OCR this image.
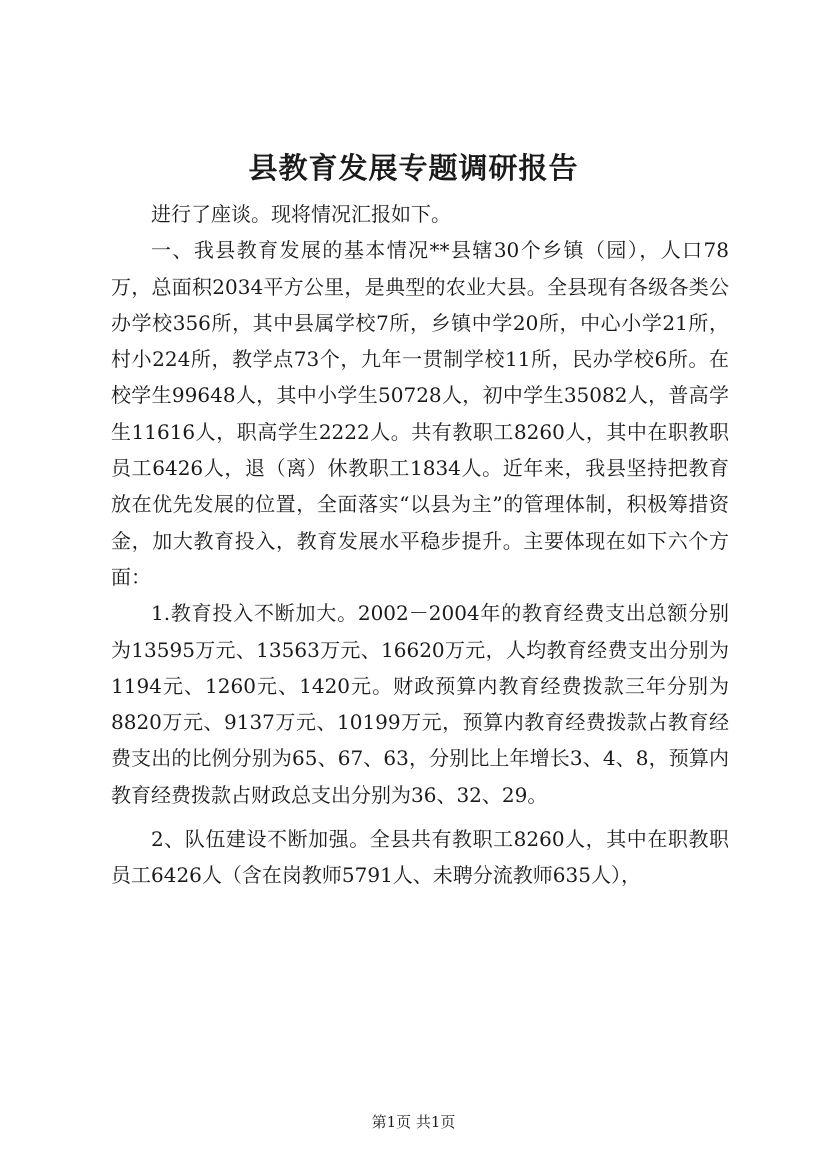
县教育发展专题调研报告

进行了座谈。现将情况汇报如下。

一、我县教育发展的基本情况**县辖30个乡镇（园），人口78万，总面积2034平方公里，是典型的农业大县。全县现有各级各类公办学校356所，其中县属学校7所，乡镇中学20所，中心小学21所，村小224所，教学点73个，九年一贯制学校11所，民办学校6所。在校学生99648人，其中小学生50728人，初中学生35082人，普高学生11616人，职高学生2222人。共有教职工8260人，其中在职教职员工6426人，退（离）休教职工1834人。近年来，我县坚持把教育放在优先发展的位置，全面落实“以县为主”的管理体制，积极筹措资金，加大教育投入，教育发展水平稳步提升。主要体现在如下六个方面：

1.教育投入不断加大。2002－2004年的教育经费支出总额分别为13595万元、13563万元、16620万元，人均教育经费支出分别为1194元、1260元、1420元。财政预算内教育经费拨款三年分别为8820万元、9137万元、10199万元，预算内教育经费拨款占教育经费支出的比例分别为65、67、63，分别比上年增长3、4、8，预算内教育经费拨款占财政总支出分别为36、32、29。

2、队伍建设不断加强。全县共有教职工8260人，其中在职教职员工6426人（含在岗教师5791人、未聘分流教师635人），

第1页 共1页
